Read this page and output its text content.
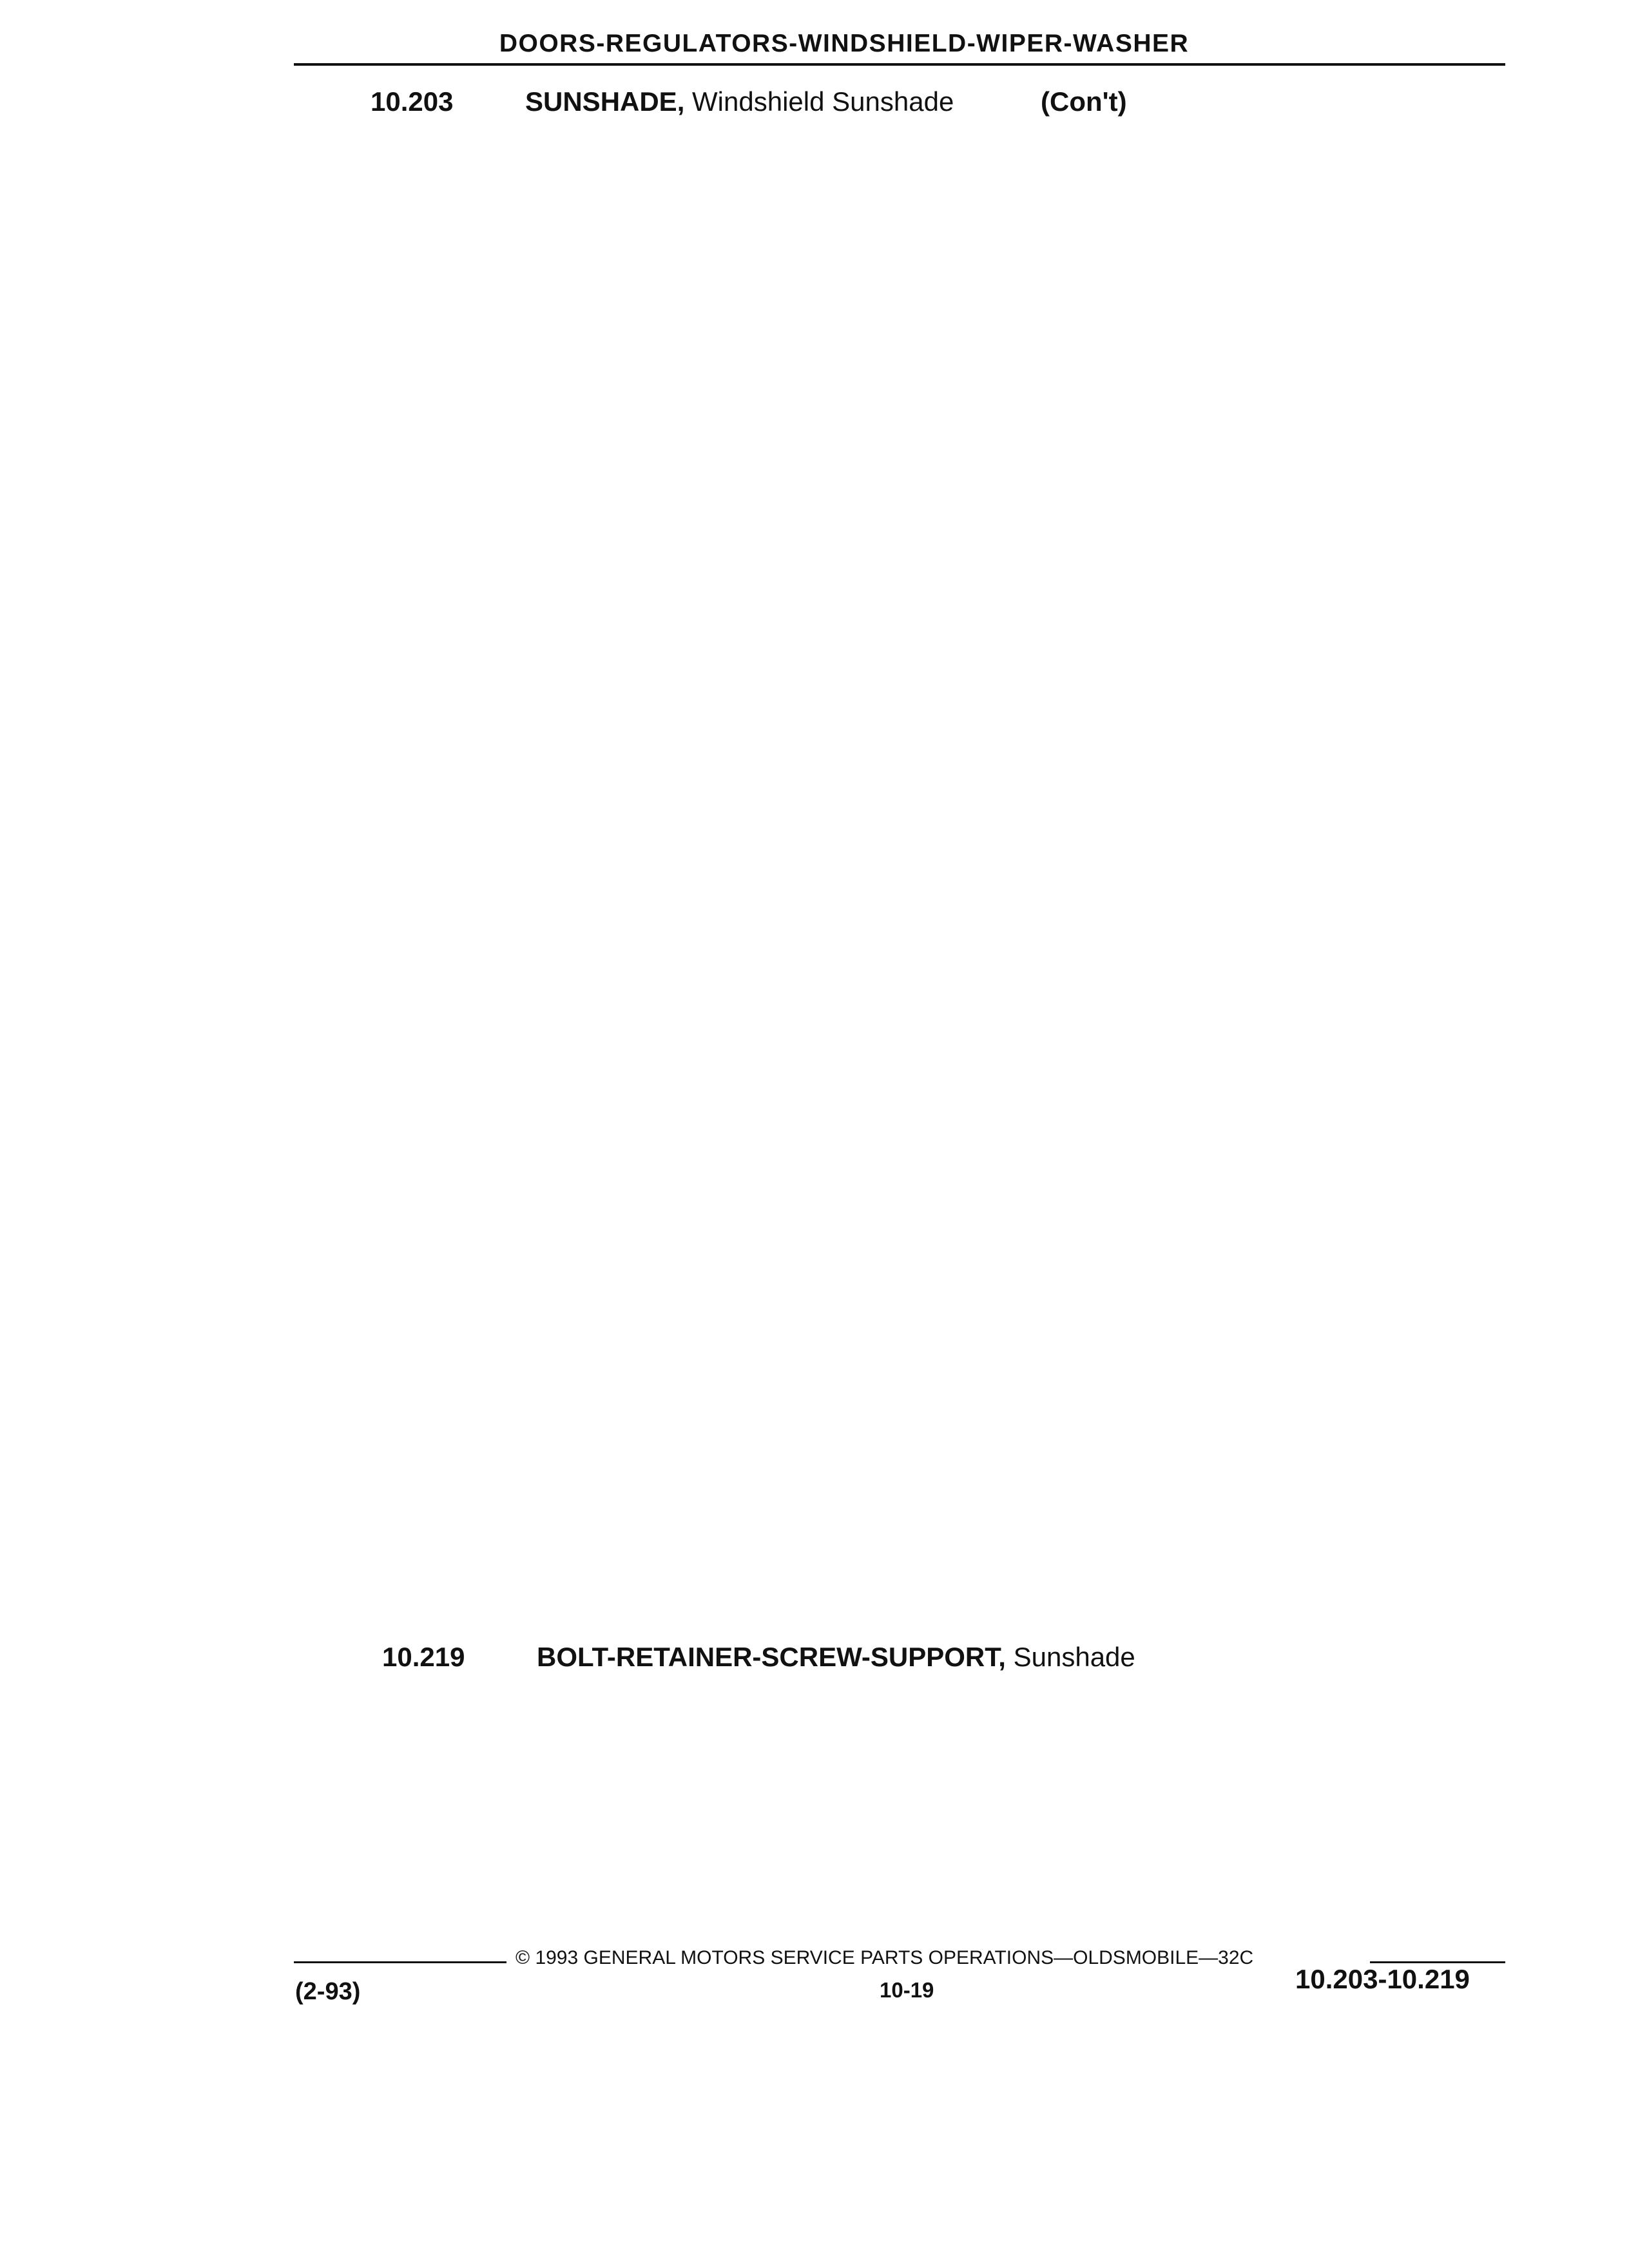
DOORS-REGULATORS-WINDSHIELD-WIPER-WASHER
10.203	SUNSHADE, Windshield Sunshade	(Con't)
10.219	BOLT-RETAINER-SCREW-SUPPORT, Sunshade
© 1993 GENERAL MOTORS SERVICE PARTS OPERATIONS—OLDSMOBILE—32C
(2-93)	10-19	10.203-10.219
